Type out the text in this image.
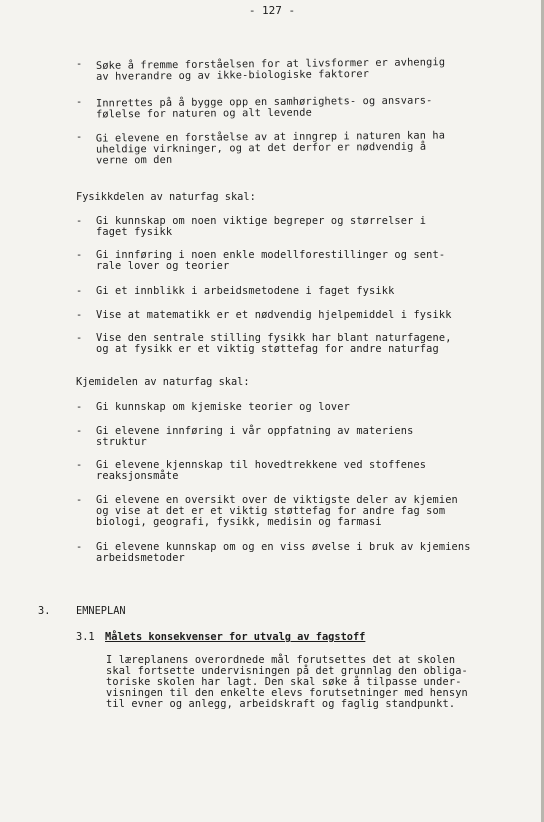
- 127 -
- Søke å fremme forståelsen for at livsformer er avhengig
av hverandre og av ikke-biologiske faktorer
- Innrettes på å bygge opp en samhørighets- og ansvars-
følelse for naturen og alt levende
- Gi elevene en forståelse av at inngrep i naturen kan ha
uheldige virkninger, og at det derfor er nødvendig å
verne om den
Fysikkdelen av naturfag skal:
- Gi kunnskap om noen viktige begreper og størrelser i
faget fysikk
- Gi innføring i noen enkle modellforestillinger og sent-
rale lover og teorier
- Gi et innblikk i arbeidsmetodene i faget fysikk
- Vise at matematikk er et nødvendig hjelpemiddel i fysikk
- Vise den sentrale stilling fysikk har blant naturfagene,
og at fysikk er et viktig støttefag for andre naturfag
Kjemidelen av naturfag skal:
- Gi kunnskap om kjemiske teorier og lover
- Gi elevene innføring i vår oppfatning av materiens
struktur
- Gi elevene kjennskap til hovedtrekkene ved stoffenes
reaksjonsmåte
- Gi elevene en oversikt over de viktigste deler av kjemien
og vise at det er et viktig støttefag for andre fag som
biologi, geografi, fysikk, medisin og farmasi
- Gi elevene kunnskap om og en viss øvelse i bruk av kjemiens
arbeidsmetoder
3. EMNEPLAN
3.1 Målets konsekvenser for utvalg av fagstoff
I læreplanens overordnede mål forutsettes det at skolen
skal fortsette undervisningen på det grunnlag den obliga-
toriske skolen har lagt. Den skal søke å tilpasse under-
visningen til den enkelte elevs forutsetninger med hensyn
til evner og anlegg, arbeidskraft og faglig standpunkt.
